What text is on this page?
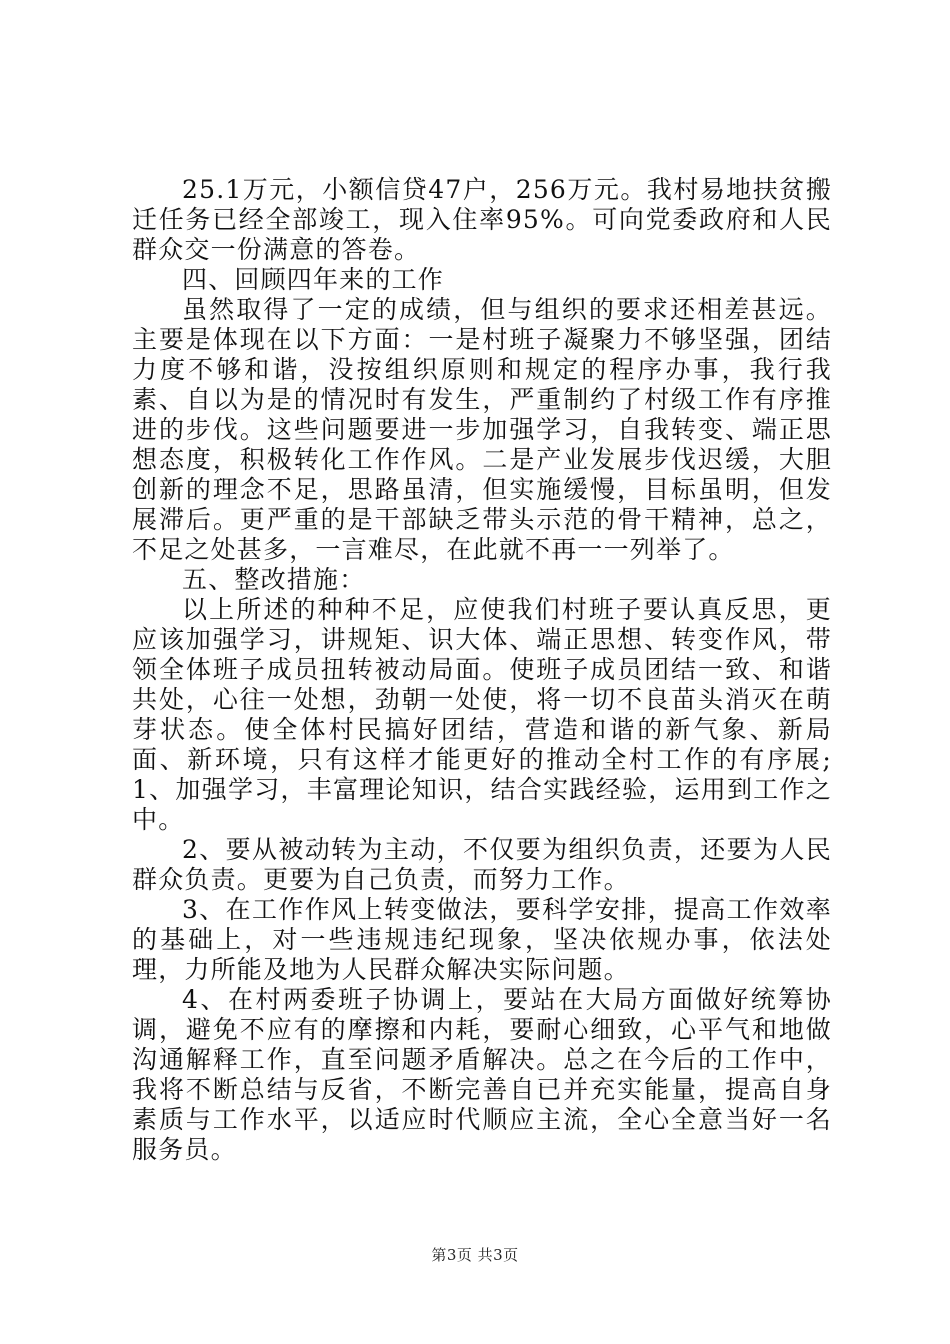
25.1万元，小额信贷47户，256万元。我村易地扶贫搬迁任务已经全部竣工，现入住率95%。可向党委政府和人民群众交一份满意的答卷。

四、回顾四年来的工作

虽然取得了一定的成绩，但与组织的要求还相差甚远。主要是体现在以下方面：一是村班子凝聚力不够坚强，团结力度不够和谐，没按组织原则和规定的程序办事，我行我素、自以为是的情况时有发生，严重制约了村级工作有序推进的步伐。这些问题要进一步加强学习，自我转变、端正思想态度，积极转化工作作风。二是产业发展步伐迟缓，大胆创新的理念不足，思路虽清，但实施缓慢，目标虽明，但发展滞后。更严重的是干部缺乏带头示范的骨干精神，总之，不足之处甚多，一言难尽，在此就不再一一列举了。

五、整改措施：

以上所述的种种不足，应使我们村班子要认真反思，更应该加强学习，讲规矩、识大体、端正思想、转变作风，带领全体班子成员扭转被动局面。使班子成员团结一致、和谐共处，心往一处想，劲朝一处使，将一切不良苗头消灭在萌芽状态。使全体村民搞好团结，营造和谐的新气象、新局面、新环境，只有这样才能更好的推动全村工作的有序展;1、加强学习，丰富理论知识，结合实践经验，运用到工作之中。

2、要从被动转为主动，不仅要为组织负责，还要为人民群众负责。更要为自己负责，而努力工作。

3、在工作作风上转变做法，要科学安排，提高工作效率的基础上，对一些违规违纪现象，坚决依规办事，依法处理，力所能及地为人民群众解决实际问题。

4、在村两委班子协调上，要站在大局方面做好统筹协调，避免不应有的摩擦和内耗，要耐心细致，心平气和地做沟通解释工作，直至问题矛盾解决。总之在今后的工作中，我将不断总结与反省，不断完善自已并充实能量，提高自身素质与工作水平，以适应时代顺应主流，全心全意当好一名服务员。

第3页 共3页
